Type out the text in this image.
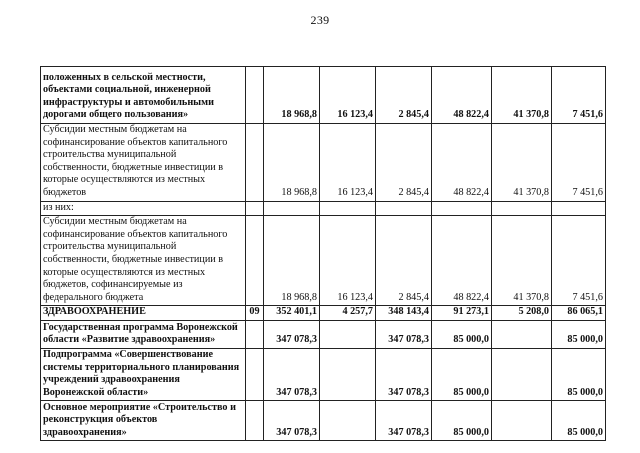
239
положенных в сельской местности, объектами социальной, инженерной инфраструктуры и автомобильными дорогами общего пользования»		18 968,8	16 123,4	2 845,4	48 822,4	41 370,8	7 451,6
Субсидии местным бюджетам на софинансирование объектов капитального строительства муниципальной собственности, бюджетные инвестиции в которые осуществляются из местных бюджетов		18 968,8	16 123,4	2 845,4	48 822,4	41 370,8	7 451,6
из них:							
Субсидии местным бюджетам на софинансирование объектов капитального строительства муниципальной собственности, бюджетные инвестиции в которые осуществляются из местных бюджетов, софинансируемые из федерального бюджета		18 968,8	16 123,4	2 845,4	48 822,4	41 370,8	7 451,6
ЗДРАВООХРАНЕНИЕ	09	352 401,1	4 257,7	348 143,4	91 273,1	5 208,0	86 065,1
Государственная программа Воронежской области «Развитие здравоохранения»		347 078,3		347 078,3	85 000,0		85 000,0
Подпрограмма «Совершенствование системы территориального планирования учреждений здравоохранения Воронежской области»		347 078,3		347 078,3	85 000,0		85 000,0
Основное мероприятие «Строительство и реконструкция объектов здравоохранения»		347 078,3		347 078,3	85 000,0		85 000,0
